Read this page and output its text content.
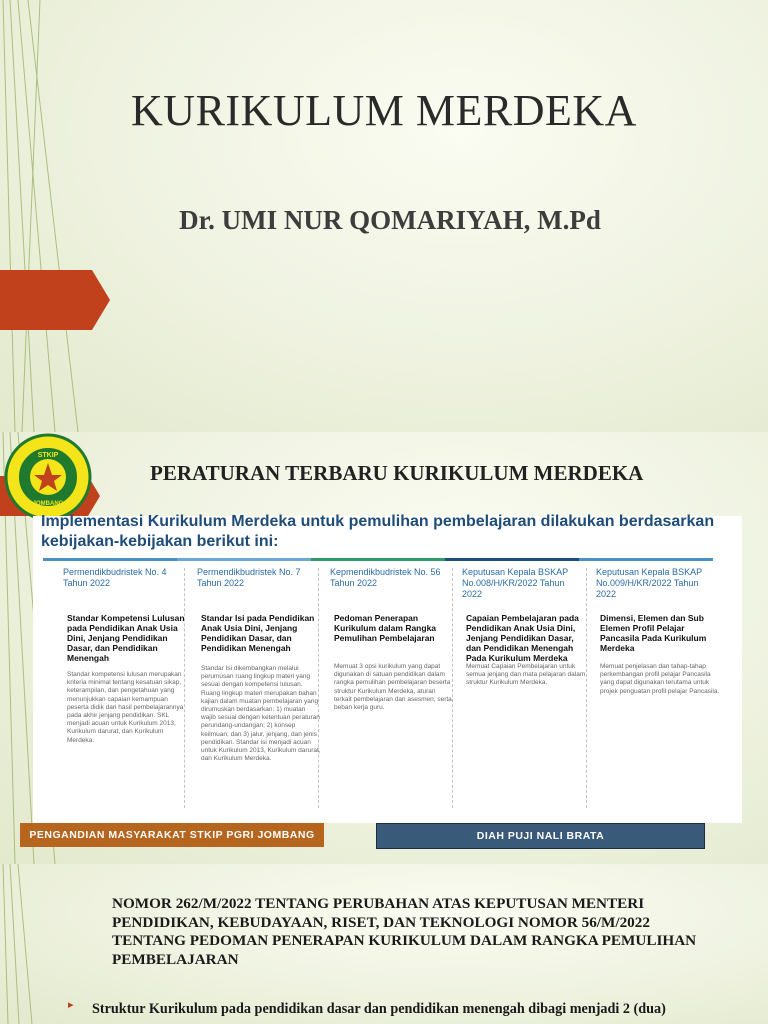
KURIKULUM MERDEKA
Dr. UMI NUR QOMARIYAH, M.Pd
STKIP
JOMBANG
PERATURAN TERBARU KURIKULUM MERDEKA
Implementasi Kurikulum Merdeka untuk pemulihan pembelajaran dilakukan berdasarkan kebijakan-kebijakan berikut ini:
Permendikbudristek No. 4 Tahun 2022
Standar Kompetensi Lulusan pada Pendidikan Anak Usia Dini, Jenjang Pendidikan Dasar, dan Pendidikan Menengah
Standar kompetensi lulusan merupakan kriteria minimal tentang kesatuan sikap, keterampilan, dan pengetahuan yang menunjukkan capaian kemampuan peserta didik dari hasil pembelajarannya pada akhir jenjang pendidikan. SKL menjadi acuan untuk Kurikulum 2013, Kurikulum darurat, dan Kurikulum Merdeka.
Permendikbudristek No. 7 Tahun 2022
Standar Isi pada Pendidikan Anak Usia Dini, Jenjang Pendidikan Dasar, dan Pendidikan Menengah
Standar Isi dikembangkan melalui perumusan ruang lingkup materi yang sesuai dengan kompetensi lulusan. Ruang lingkup materi merupakan bahan kajian dalam muatan pembelajaran yang dirumuskan berdasarkan: 1) muatan wajib sesuai dengan ketentuan peraturan perundang-undangan; 2) konsep keilmuan; dan 3) jalur, jenjang, dan jenis pendidikan. Standar isi menjadi acuan untuk Kurikulum 2013, Kurikulum darurat, dan Kurikulum Merdeka.
Kepmendikbudristek No. 56 Tahun 2022
Pedoman Penerapan Kurikulum dalam Rangka Pemulihan Pembelajaran
Memuat 3 opsi kurikulum yang dapat digunakan di satuan pendidikan dalam rangka pemulihan pembelajaran beserta struktur Kurikulum Merdeka, aturan terkait pembelajaran dan asesmen, serta beban kerja guru.
Keputusan Kepala BSKAP No.008/H/KR/2022 Tahun 2022
Capaian Pembelajaran pada Pendidikan Anak Usia Dini, Jenjang Pendidikan Dasar, dan Pendidikan Menengah Pada Kurikulum Merdeka
Memuat Capaian Pembelajaran untuk semua jenjang dan mata pelajaran dalam struktur Kurikulum Merdeka.
Keputusan Kepala BSKAP No.009/H/KR/2022 Tahun 2022
Dimensi, Elemen dan Sub Elemen Profil Pelajar Pancasila Pada Kurikulum Merdeka
Memuat penjelasan dan tahap-tahap perkembangan profil pelajar Pancasila yang dapat digunakan terutama untuk projek penguatan profil pelajar Pancasila.
PENGANDIAN MASYARAKAT STKIP PGRI JOMBANG	DIAH PUJI NALI BRATA
NOMOR 262/M/2022 TENTANG PERUBAHAN ATAS KEPUTUSAN MENTERI PENDIDIKAN, KEBUDAYAAN, RISET, DAN TEKNOLOGI NOMOR 56/M/2022 TENTANG PEDOMAN PENERAPAN KURIKULUM DALAM RANGKA PEMULIHAN PEMBELAJARAN
▸ Struktur Kurikulum pada pendidikan dasar dan pendidikan menengah dibagi menjadi 2 (dua)
